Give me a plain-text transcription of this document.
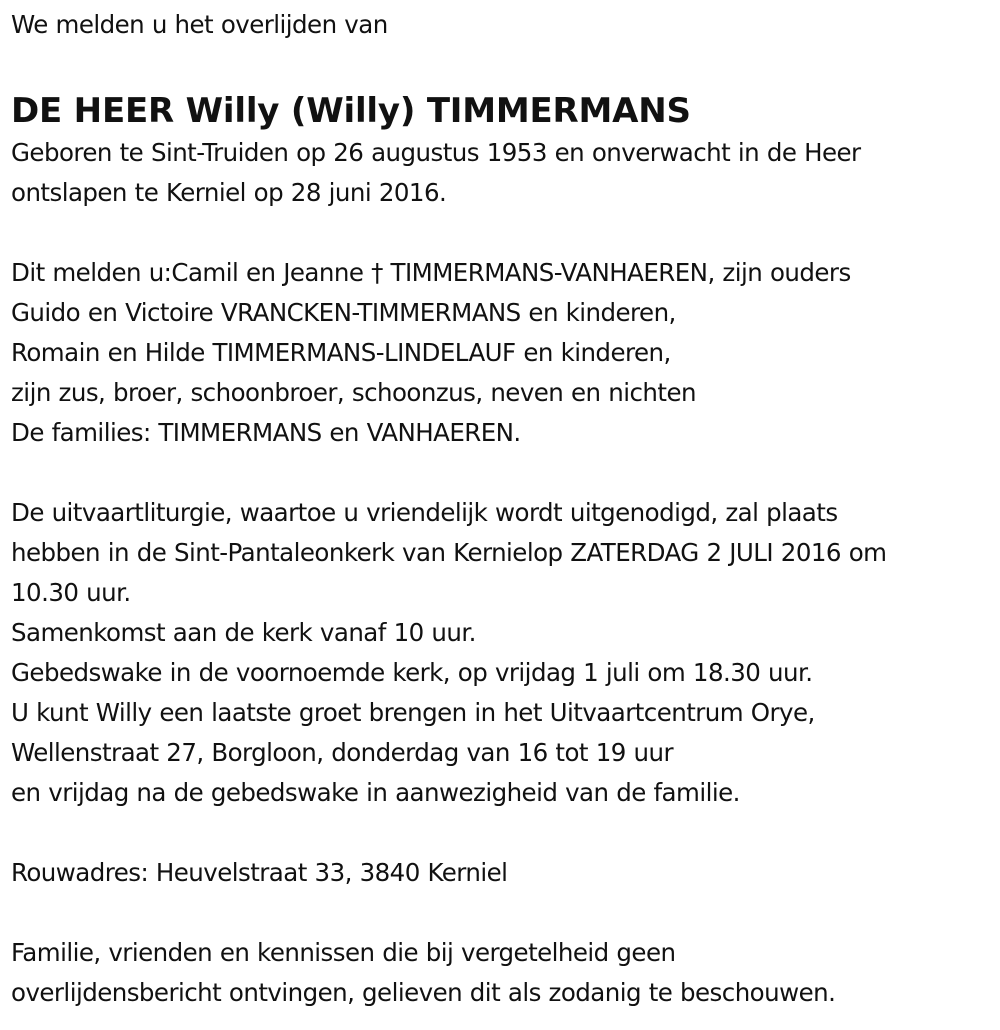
We melden u het overlijden van
DE HEER Willy (Willy) TIMMERMANS
Geboren te Sint-Truiden op 26 augustus 1953 en onverwacht in de Heer
ontslapen te Kerniel op 28 juni 2016.
Dit melden u:Camil en Jeanne † TIMMERMANS-VANHAEREN, zijn ouders
Guido en Victoire VRANCKEN-TIMMERMANS en kinderen,
Romain en Hilde TIMMERMANS-LINDELAUF en kinderen,
zijn zus, broer, schoonbroer, schoonzus, neven en nichten
De families: TIMMERMANS en VANHAEREN.
De uitvaartliturgie, waartoe u vriendelijk wordt uitgenodigd, zal plaats
hebben in de Sint-Pantaleonkerk van Kernielop ZATERDAG 2 JULI 2016 om
10.30 uur.
Samenkomst aan de kerk vanaf 10 uur.
Gebedswake in de voornoemde kerk, op vrijdag 1 juli om 18.30 uur.
U kunt Willy een laatste groet brengen in het Uitvaartcentrum Orye,
Wellenstraat 27, Borgloon, donderdag van 16 tot 19 uur
en vrijdag na de gebedswake in aanwezigheid van de familie.
Rouwadres: Heuvelstraat 33, 3840 Kerniel
Familie, vrienden en kennissen die bij vergetelheid geen
overlijdensbericht ontvingen, gelieven dit als zodanig te beschouwen.
